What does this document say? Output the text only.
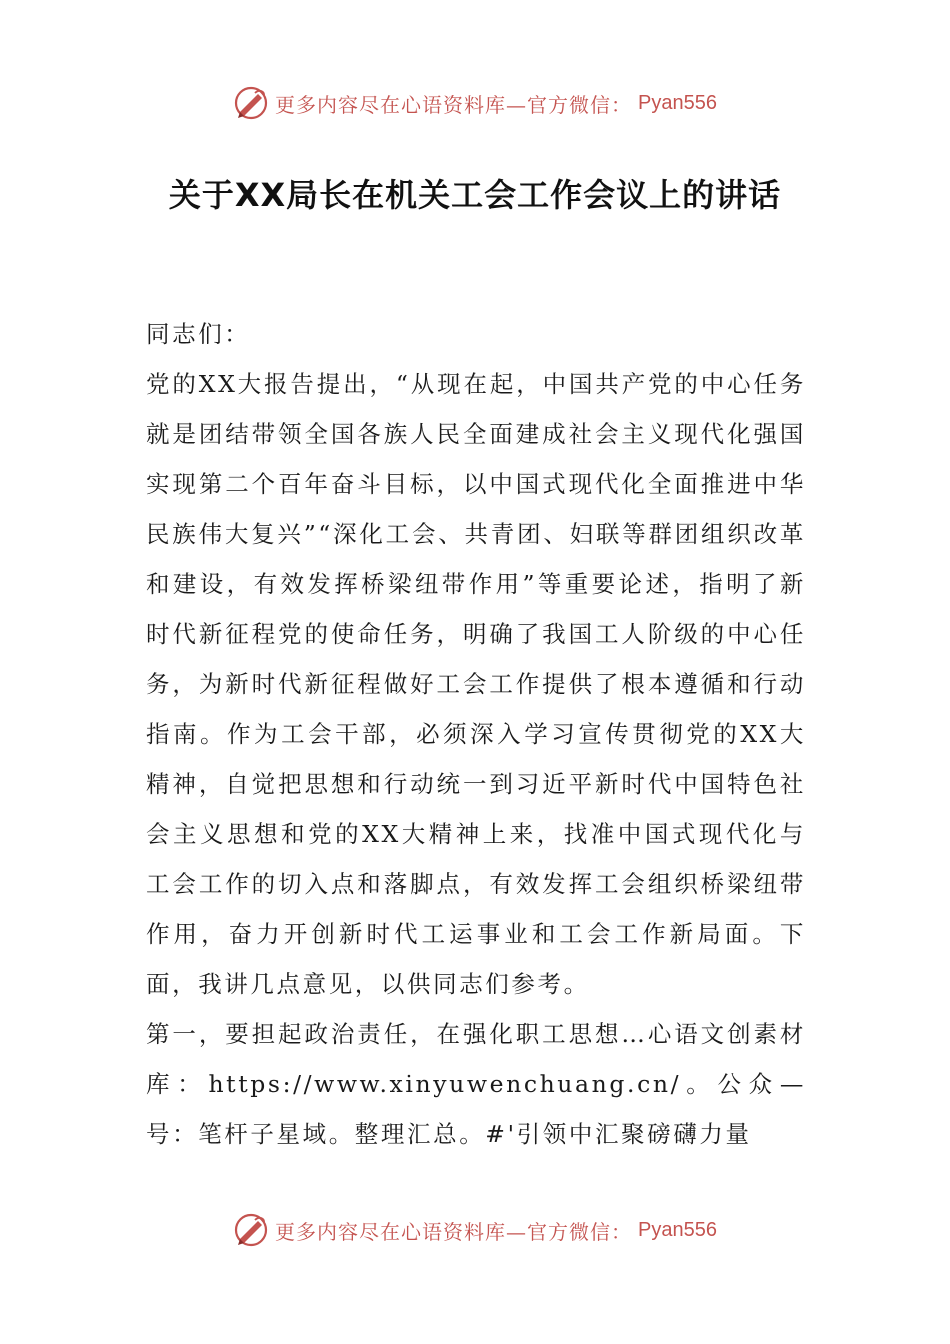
更多内容尽在心语资料库—官方微信： Pyan556
关于XX局长在机关工会工作会议上的讲话

同志们：

党的XX大报告提出，“从现在起，中国共产党的中心任务就是团结带领全国各族人民全面建成社会主义现代化强国实现第二个百年奋斗目标，以中国式现代化全面推进中华民族伟大复兴”“深化工会、共青团、妇联等群团组织改革和建设，有效发挥桥梁纽带作用”等重要论述，指明了新时代新征程党的使命任务，明确了我国工人阶级的中心任务，为新时代新征程做好工会工作提供了根本遵循和行动指南。作为工会干部，必须深入学习宣传贯彻党的XX大精神，自觉把思想和行动统一到习近平新时代中国特色社会主义思想和党的XX大精神上来，找准中国式现代化与工会工作的切入点和落脚点，有效发挥工会组织桥梁纽带作用，奋力开创新时代工运事业和工会工作新局面。下面，我讲几点意见，以供同志们参考。

第一，要担起政治责任，在强化职工思想…心语文创素材库：https://www.xinyuwenchuang.cn/。公众—号：笔杆子星域。整理汇总。#'引领中汇聚磅礴力量

更多内容尽在心语资料库—官方微信： Pyan556
